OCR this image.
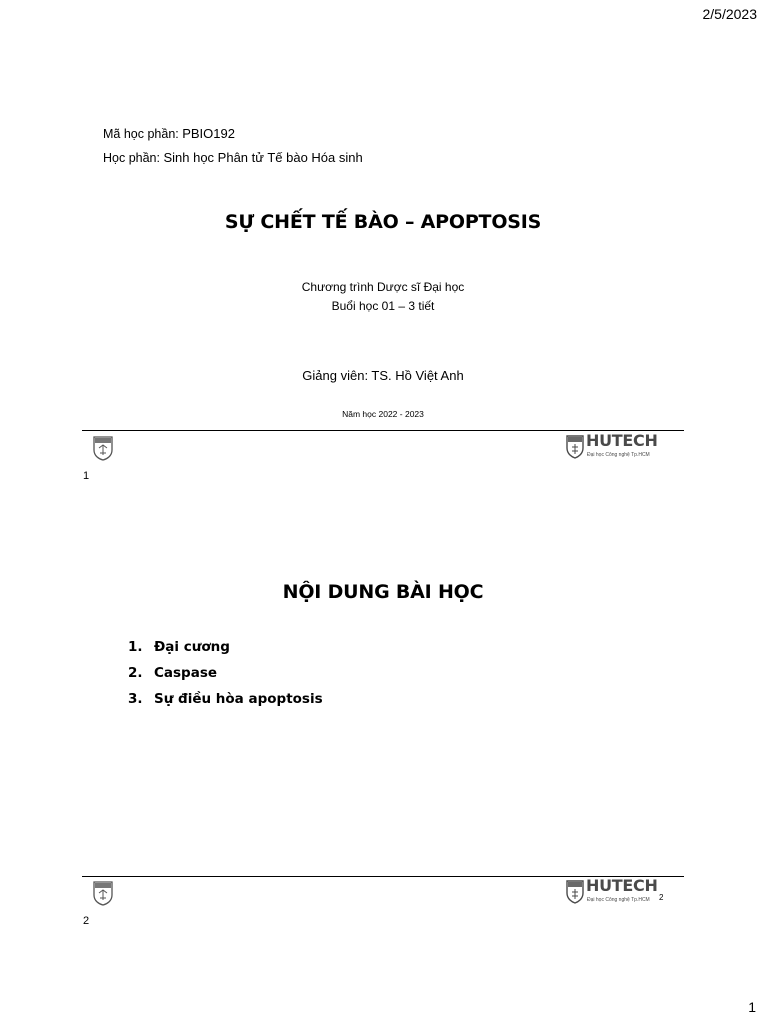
2/5/2023
Mã học phần: PBIO192
Học phần: Sinh học Phân tử Tế bào Hóa sinh
SỰ CHẾT TẾ BÀO – APOPTOSIS
Chương trình Dược sĩ Đại học
Buổi học 01 – 3 tiết
Giảng viên: TS. Hồ Việt Anh
Năm học 2022 - 2023
HUTECH
Đại học Công nghệ Tp.HCM
1
NỘI DUNG BÀI HỌC
1. Đại cương
2. Caspase
3. Sự điều hòa apoptosis
HUTECH
Đại học Công nghệ Tp.HCM 2
2
1
